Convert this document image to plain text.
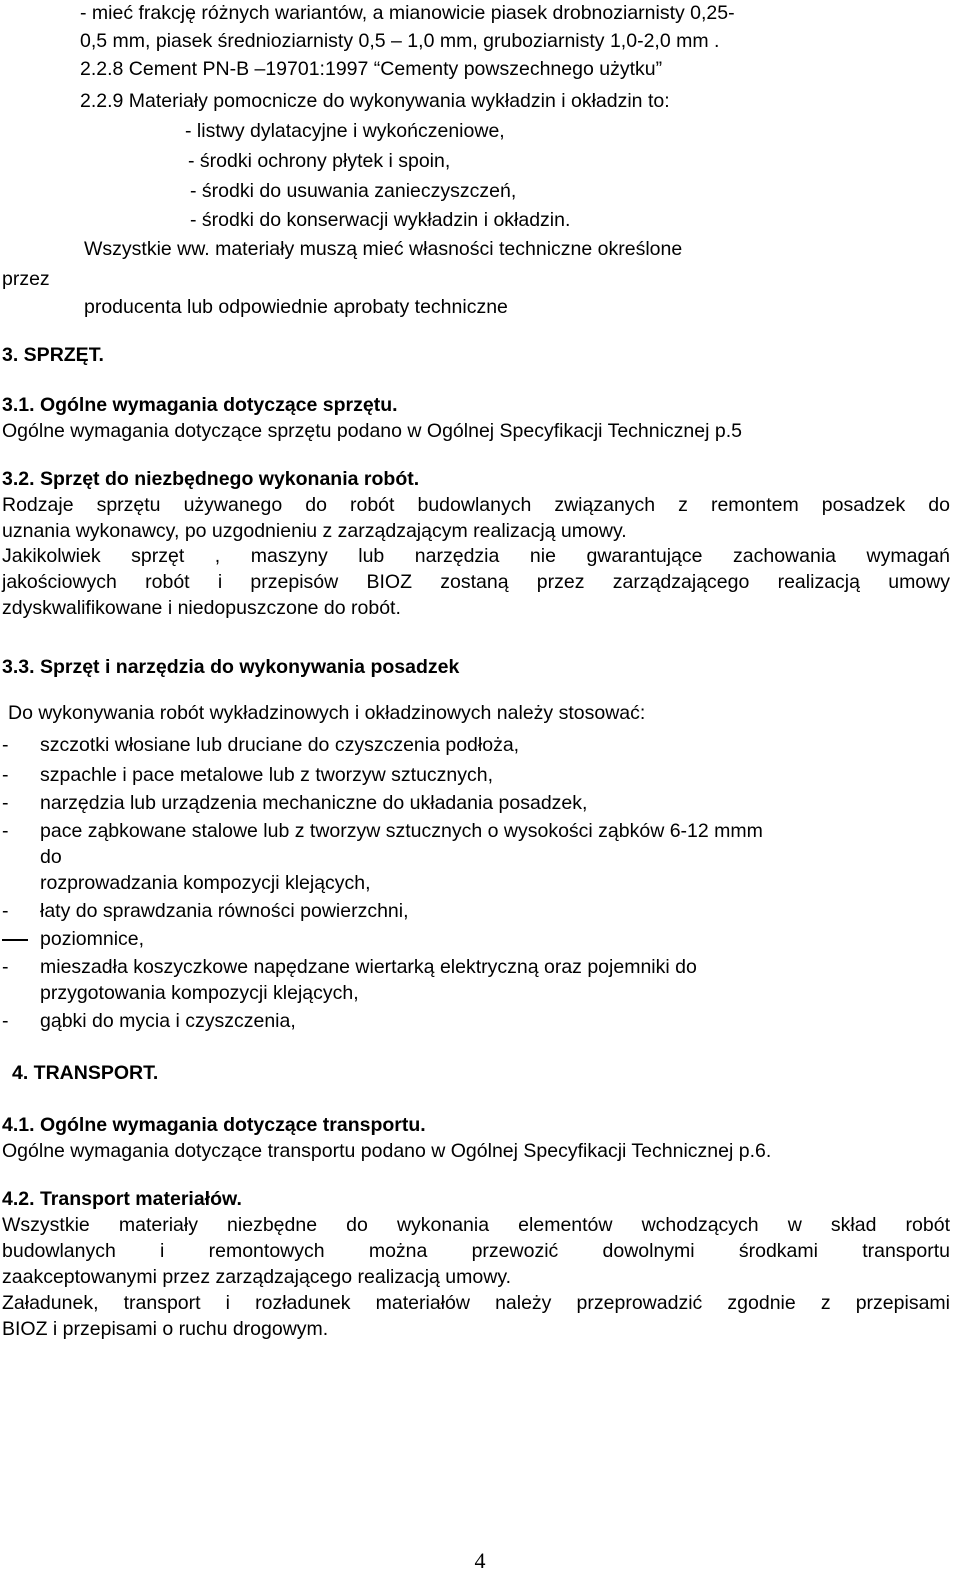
- mieć frakcję różnych wariantów, a mianowicie piasek drobnoziarnisty 0,25-
0,5 mm, piasek średnioziarnisty 0,5 – 1,0 mm, gruboziarnisty 1,0-2,0 mm .
2.2.8 Cement PN-B –19701:1997 “Cementy powszechnego użytku”
2.2.9 Materiały pomocnicze do wykonywania wykładzin i okładzin to:
- listwy dylatacyjne i wykończeniowe,
- środki ochrony płytek i spoin,
- środki do usuwania zanieczyszczeń,
- środki do konserwacji wykładzin i okładzin.
Wszystkie ww. materiały muszą mieć własności techniczne określone
przez
producenta lub odpowiednie aprobaty techniczne
3. SPRZĘT.
3.1. Ogólne wymagania dotyczące sprzętu.
Ogólne wymagania dotyczące sprzętu podano w Ogólnej Specyfikacji Technicznej p.5
3.2. Sprzęt do niezbędnego wykonania robót.
Rodzaje sprzętu używanego do robót budowlanych związanych z remontem posadzek do
uznania wykonawcy, po uzgodnieniu z zarządzającym realizacją umowy.
Jakikolwiek sprzęt , maszyny lub narzędzia nie gwarantujące zachowania wymagań
jakościowych robót i przepisów BIOZ zostaną przez zarządzającego realizacją umowy
zdyskwalifikowane i niedopuszczone do robót.
3.3. Sprzęt i narzędzia do wykonywania posadzek
Do wykonywania robót wykładzinowych i okładzinowych należy stosować:
- szczotki włosiane lub druciane do czyszczenia podłoża,
- szpachle i pace metalowe lub z tworzyw sztucznych,
- narzędzia lub urządzenia mechaniczne do układania posadzek,
- pace ząbkowane stalowe lub z tworzyw sztucznych o wysokości ząbków 6-12 mmm
do
rozprowadzania kompozycji klejących,
- łaty do sprawdzania równości powierzchni,
poziomnice,
- mieszadła koszyczkowe napędzane wiertarką elektryczną oraz pojemniki do
przygotowania kompozycji klejących,
- gąbki do mycia i czyszczenia,
4. TRANSPORT.
4.1. Ogólne wymagania dotyczące transportu.
Ogólne wymagania dotyczące transportu podano w Ogólnej Specyfikacji Technicznej p.6.
4.2. Transport materiałów.
Wszystkie materiały niezbędne do wykonania elementów wchodzących w skład robót
budowlanych i remontowych można przewozić dowolnymi środkami transportu
zaakceptowanymi przez zarządzającego realizacją umowy.
Załadunek, transport i rozładunek materiałów należy przeprowadzić zgodnie z przepisami
BIOZ i przepisami o ruchu drogowym.
4
